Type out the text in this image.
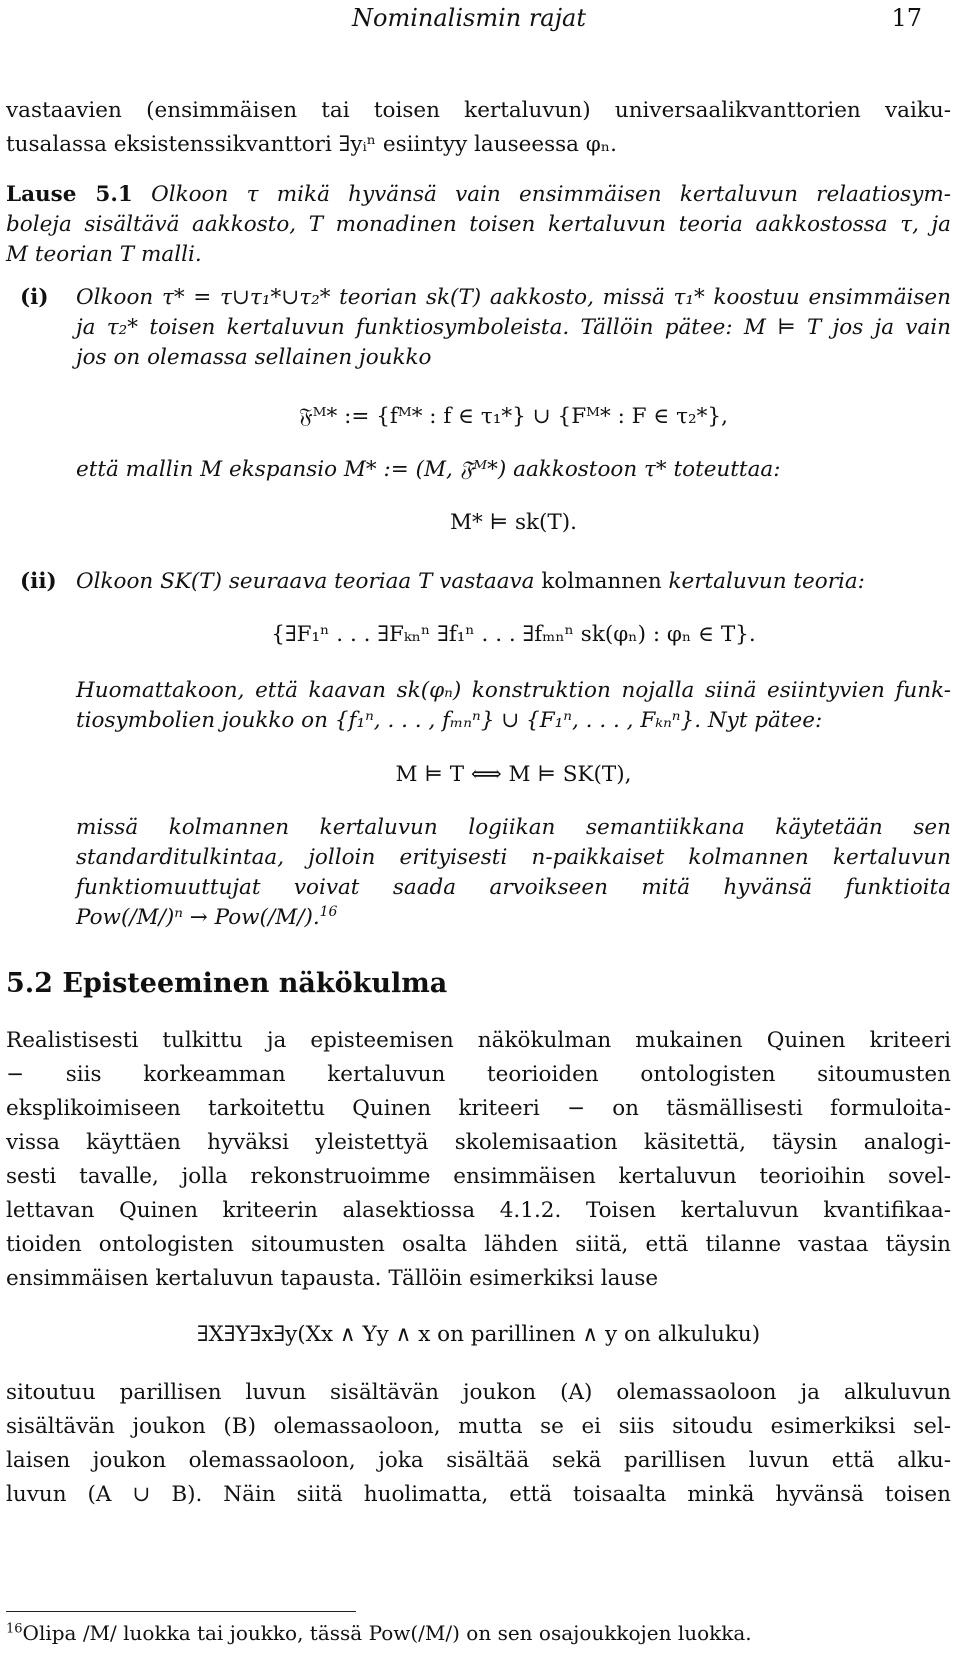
Nominalismin rajat	17
vastaavien (ensimmäisen tai toisen kertaluvun) universaalikvanttorien vaiku-
tusalassa eksistenssikvanttori ∃yᵢⁿ esiintyy lauseessa φₙ.
Lause 5.1 Olkoon τ mikä hyvänsä vain ensimmäisen kertaluvun relaatiosym-
boleja sisältävä aakkosto, T monadinen toisen kertaluvun teoria aakkostossa τ, ja
M teorian T malli.
(i) Olkoon τ* = τ∪τ₁*∪τ₂* teorian sk(T) aakkosto, missä τ₁* koostuu ensimmäisen
ja τ₂* toisen kertaluvun funktiosymboleista. Tällöin pätee: M ⊨ T jos ja vain
jos on olemassa sellainen joukko
𝔉ᴹ* := {fᴹ* : f ∈ τ₁*} ∪ {Fᴹ* : F ∈ τ₂*},
että mallin M ekspansio M* := (M, 𝔉ᴹ*) aakkostoon τ* toteuttaa:
M* ⊨ sk(T).
(ii) Olkoon SK(T) seuraava teoriaa T vastaava kolmannen kertaluvun teoria:
{∃F₁ⁿ . . . ∃Fₖₙⁿ ∃f₁ⁿ . . . ∃fₘₙⁿ sk(φₙ) : φₙ ∈ T}.
Huomattakoon, että kaavan sk(φₙ) konstruktion nojalla siinä esiintyvien funk-
tiosymbolien joukko on {f₁ⁿ, . . . , fₘₙⁿ} ∪ {F₁ⁿ, . . . , Fₖₙⁿ}. Nyt pätee:
M ⊨ T ⟺ M ⊨ SK(T),
missä kolmannen kertaluvun logiikan semantiikkana käytetään sen
standarditulkintaa, jolloin erityisesti n-paikkaiset kolmannen kertaluvun
funktiomuuttujat voivat saada arvoikseen mitä hyvänsä funktioita
Pow(/M/)ⁿ → Pow(/M/).$^{16}$
5.2 Episteeminen näkökulma
Realistisesti tulkittu ja episteemisen näkökulman mukainen Quinen kriteeri
− siis korkeamman kertaluvun teorioiden ontologisten sitoumusten
eksplikoimiseen tarkoitettu Quinen kriteeri − on täsmällisesti formuloita-
vissa käyttäen hyväksi yleistettyä skolemisaation käsitettä, täysin analogi-
sesti tavalle, jolla rekonstruoimme ensimmäisen kertaluvun teorioihin sovel-
lettavan Quinen kriteerin alasektiossa 4.1.2. Toisen kertaluvun kvantifikaa-
tioiden ontologisten sitoumusten osalta lähden siitä, että tilanne vastaa täysin
ensimmäisen kertaluvun tapausta. Tällöin esimerkiksi lause
∃X∃Y∃x∃y(Xx ∧ Yy ∧ x on parillinen ∧ y on alkuluku)
sitoutuu parillisen luvun sisältävän joukon (A) olemassaoloon ja alkuluvun
sisältävän joukon (B) olemassaoloon, mutta se ei siis sitoudu esimerkiksi sel-
laisen joukon olemassaoloon, joka sisältää sekä parillisen luvun että alku-
luvun (A ∪ B). Näin siitä huolimatta, että toisaalta minkä hyvänsä toisen
$^{16}$Olipa /M/ luokka tai joukko, tässä Pow(/M/) on sen osajoukkojen luokka.
